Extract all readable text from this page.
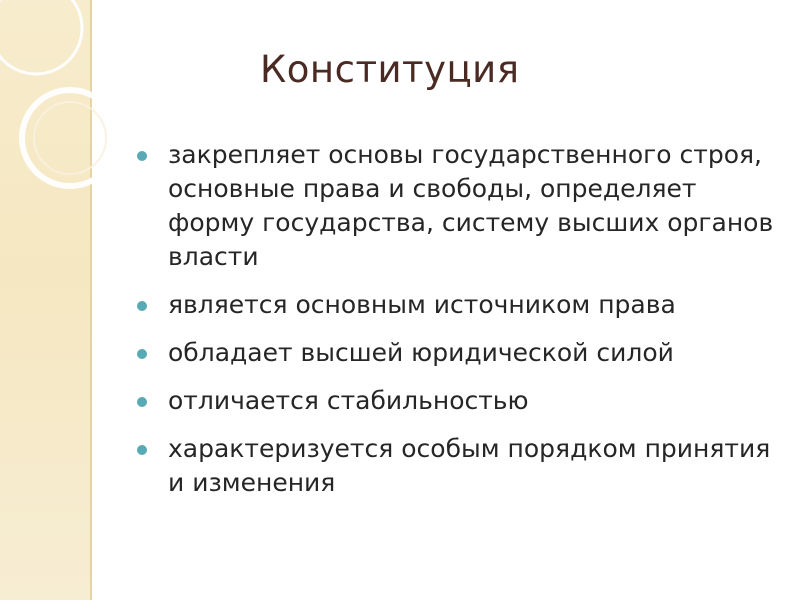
Конституция
закрепляет основы государственного строя, основные права и свободы, определяет форму государства, систему высших органов власти
является основным источником права
обладает высшей юридической силой
отличается стабильностью
характеризуется особым порядком принятия и изменения
